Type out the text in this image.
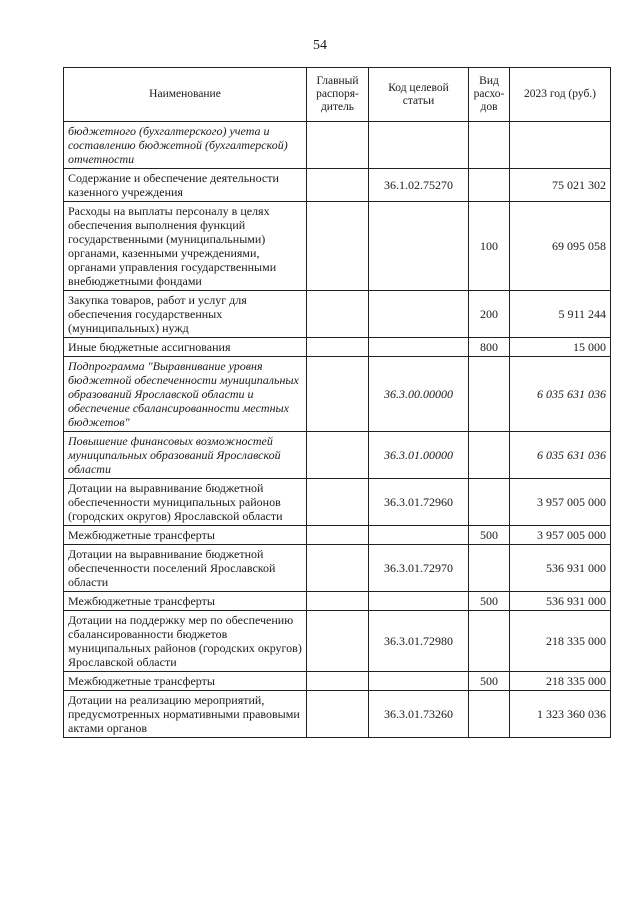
54
Наименование	Главный распоря-дитель	Код целевой статьи	Вид расхо-дов	2023 год (руб.)
бюджетного (бухгалтерского) учета и составлению бюджетной (бухгалтерской) отчетности				
Содержание и обеспечение деятельности казенного учреждения		36.1.02.75270		75 021 302
Расходы на выплаты персоналу в целях обеспечения выполнения функций государственными (муниципальными) органами, казенными учреждениями, органами управления государственными внебюджетными фондами			100	69 095 058
Закупка товаров, работ и услуг для обеспечения государственных (муниципальных) нужд			200	5 911 244
Иные бюджетные ассигнования			800	15 000
Подпрограмма "Выравнивание уровня бюджетной обеспеченности муниципальных образований Ярославской области и обеспечение сбалансированности местных бюджетов"		36.3.00.00000		6 035 631 036
Повышение финансовых возможностей муниципальных образований Ярославской области		36.3.01.00000		6 035 631 036
Дотации на выравнивание бюджетной обеспеченности муниципальных районов (городских округов) Ярославской области		36.3.01.72960		3 957 005 000
Межбюджетные трансферты			500	3 957 005 000
Дотации на выравнивание бюджетной обеспеченности поселений Ярославской области		36.3.01.72970		536 931 000
Межбюджетные трансферты			500	536 931 000
Дотации на поддержку мер по обеспечению сбалансированности бюджетов муниципальных районов (городских округов) Ярославской области		36.3.01.72980		218 335 000
Межбюджетные трансферты			500	218 335 000
Дотации на реализацию мероприятий, предусмотренных нормативными правовыми актами органов		36.3.01.73260		1 323 360 036
